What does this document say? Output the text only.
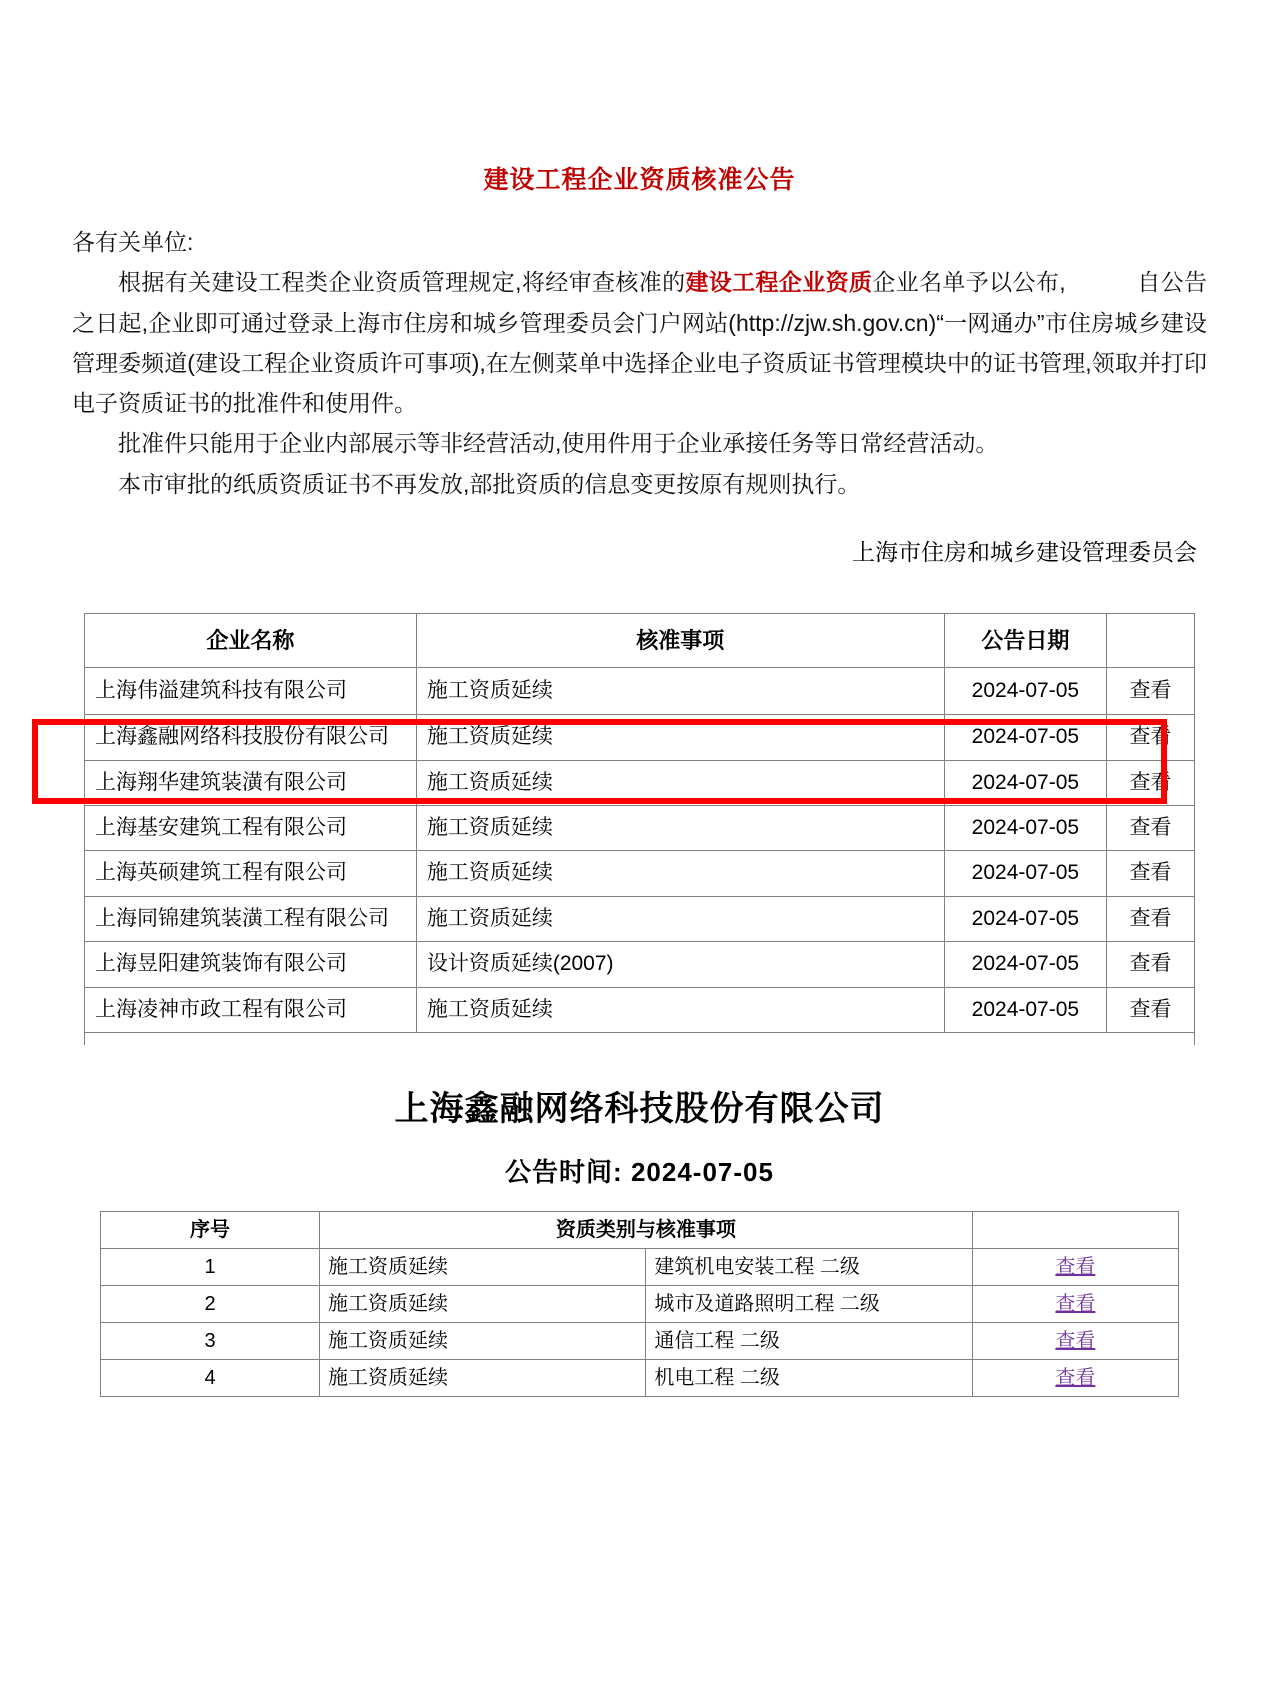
建设工程企业资质核准公告

各有关单位:

根据有关建设工程类企业资质管理规定,将经审查核准的建设工程企业资质企业名单予以公布,	自公告之日起,企业即可通过登录上海市住房和城乡管理委员会门户网站(http://zjw.sh.gov.cn)“一网通办”市住房城乡建设管理委频道(建设工程企业资质许可事项),在左侧菜单中选择企业电子资质证书管理模块中的证书管理,领取并打印电子资质证书的批准件和使用件。

批准件只能用于企业内部展示等非经营活动,使用件用于企业承接任务等日常经营活动。

本市审批的纸质资质证书不再发放,部批资质的信息变更按原有规则执行。

上海市住房和城乡建设管理委员会
企业名称	核准事项	公告日期	
上海伟溢建筑科技有限公司	施工资质延续	2024-07-05	查看
上海鑫融网络科技股份有限公司	施工资质延续	2024-07-05	查看
上海翔华建筑装潢有限公司	施工资质延续	2024-07-05	查看
上海基安建筑工程有限公司	施工资质延续	2024-07-05	查看
上海英硕建筑工程有限公司	施工资质延续	2024-07-05	查看
上海同锦建筑装潢工程有限公司	施工资质延续	2024-07-05	查看
上海昱阳建筑装饰有限公司	设计资质延续(2007)	2024-07-05	查看
上海凌神市政工程有限公司	施工资质延续	2024-07-05	查看
上海鑫融网络科技股份有限公司
公告时间: 2024-07-05
序号	资质类别与核准事项		
1	施工资质延续	建筑机电安装工程 二级	查看
2	施工资质延续	城市及道路照明工程 二级	查看
3	施工资质延续	通信工程 二级	查看
4	施工资质延续	机电工程 二级	查看
